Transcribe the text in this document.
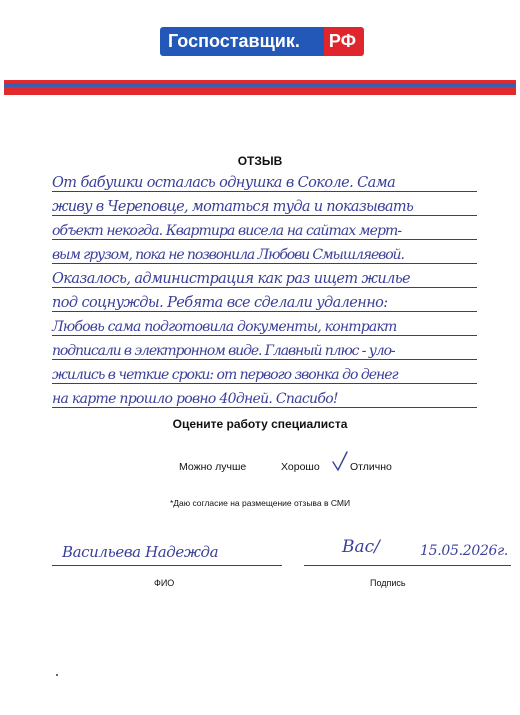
Госпоставщик.	РФ
ОТЗЫВ
От бабушки осталась однушка в Соколе. Сама
живу в Череповце, мотаться туда и показывать
объект некогда. Квартира висела на сайтах мерт-
вым грузом, пока не позвонила Любови Смышляевой.
Оказалось, администрация как раз ищет жилье
под соцнужды. Ребята все сделали удаленно:
Любовь сама подготовила документы, контракт
подписали в электронном виде. Главный плюс - уло-
жились в четкие сроки: от первого звонка до денег
на карте прошло ровно 40дней. Спасибо!
Оцените работу специалиста
Можно лучше	Хорошо	Отлично
*Даю согласие на размещение отзыва в СМИ
Васильева Надежда
ФИО
Вас/	15.05.2026г.
Подпись
